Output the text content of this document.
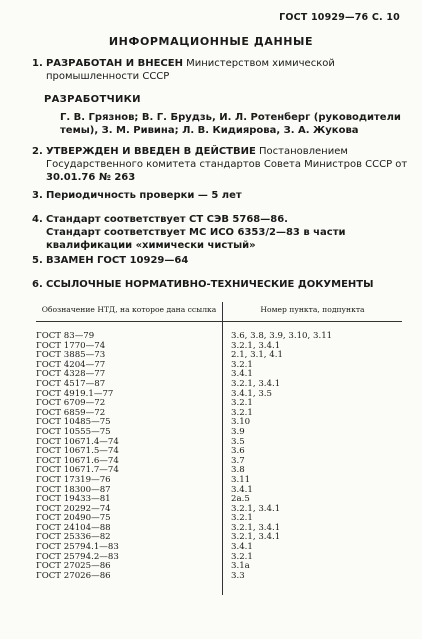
ГОСТ 10929—76 С. 10
ИНФОРМАЦИОННЫЕ ДАННЫЕ
1. РАЗРАБОТАН И ВНЕСЕН Министерством химической промышленности СССР
РАЗРАБОТЧИКИ
Г. В. Грязнов; В. Г. Брудзь, И. Л. Ротенберг (руководители темы), З. М. Ривина; Л. В. Кидиярова, З. А. Жукова
2. УТВЕРЖДЕН И ВВЕДЕН В ДЕЙСТВИЕ Постановлением Государственного комитета стандартов Совета Министров СССР от 30.01.76 № 263
3. Периодичность проверки — 5 лет
4. Стандарт соответствует СТ СЭВ 5768—86.
Стандарт соответствует МС ИСО 6353/2—83 в части квалификации «химически чистый»
5. ВЗАМЕН ГОСТ 10929—64
6. ССЫЛОЧНЫЕ НОРМАТИВНО-ТЕХНИЧЕСКИЕ ДОКУМЕНТЫ
Обозначение НТД, на которое дана ссылка	Номер пункта, подпункта

ГОСТ 83—79	3.6, 3.8, 3.9, 3.10, 3.11
ГОСТ 1770—74	3.2.1, 3.4.1
ГОСТ 3885—73	2.1, 3.1, 4.1
ГОСТ 4204—77	3.2.1
ГОСТ 4328—77	3.4.1
ГОСТ 4517—87	3.2.1, 3.4.1
ГОСТ 4919.1—77	3.4.1, 3.5
ГОСТ 6709—72	3.2.1
ГОСТ 6859—72	3.2.1
ГОСТ 10485—75	3.10
ГОСТ 10555—75	3.9
ГОСТ 10671.4—74	3.5
ГОСТ 10671.5—74	3.6
ГОСТ 10671.6—74	3.7
ГОСТ 10671.7—74	3.8
ГОСТ 17319—76	3.11
ГОСТ 18300—87	3.4.1
ГОСТ 19433—81	2а.5
ГОСТ 20292—74	3.2.1, 3.4.1
ГОСТ 20490—75	3.2.1
ГОСТ 24104—88	3.2.1, 3.4.1
ГОСТ 25336—82	3.2.1, 3.4.1
ГОСТ 25794.1—83	3.4.1
ГОСТ 25794.2—83	3.2.1
ГОСТ 27025—86	3.1а
ГОСТ 27026—86	3.3
